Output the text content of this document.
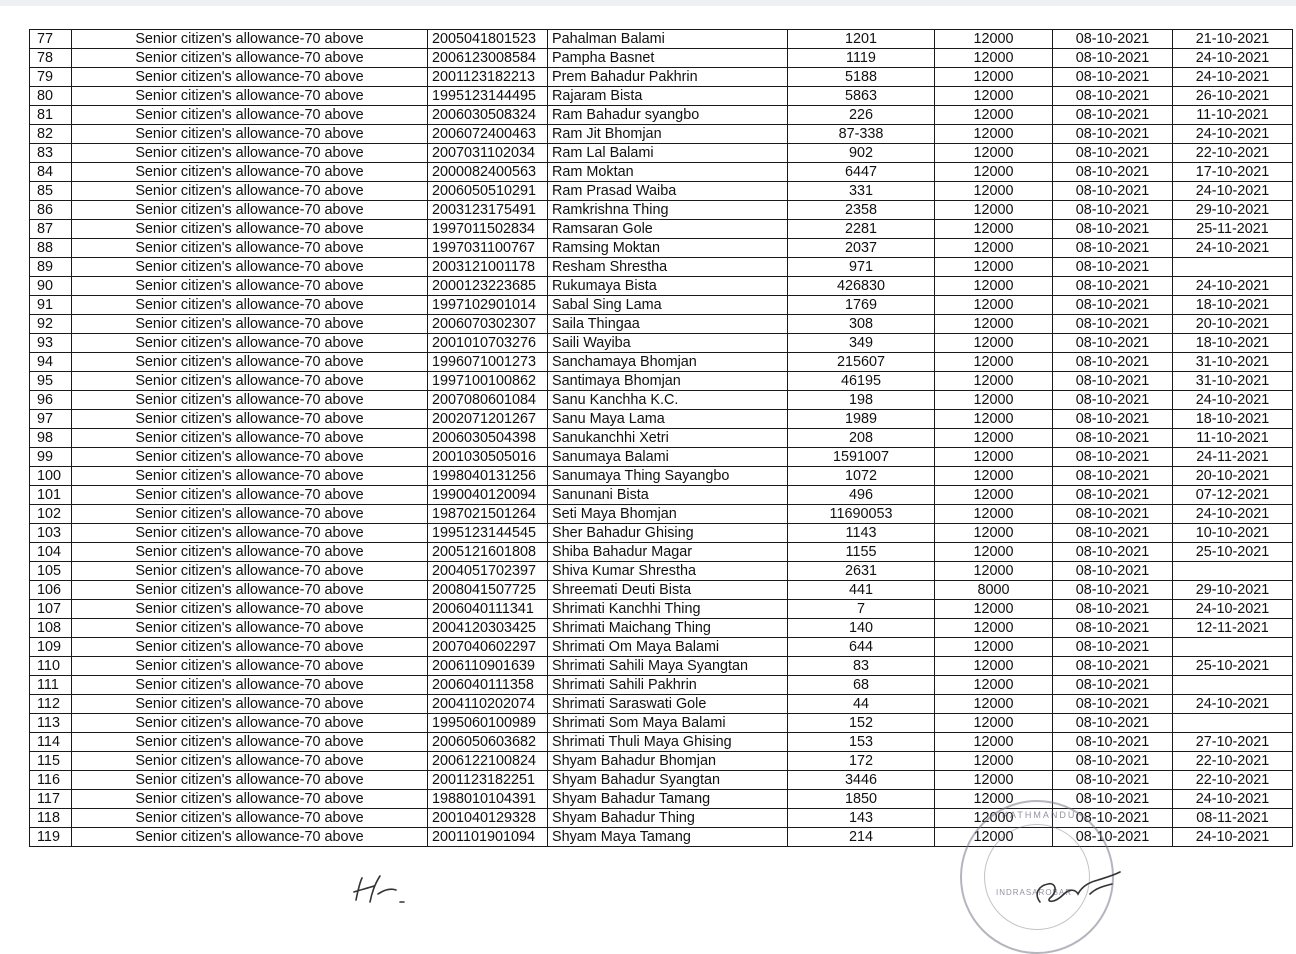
77	Senior citizen's allowance-70 above	2005041801523	Pahalman Balami	1201	12000	08-10-2021	21-10-2021
78	Senior citizen's allowance-70 above	2006123008584	Pampha Basnet	1119	12000	08-10-2021	24-10-2021
79	Senior citizen's allowance-70 above	2001123182213	Prem Bahadur Pakhrin	5188	12000	08-10-2021	24-10-2021
80	Senior citizen's allowance-70 above	1995123144495	Rajaram Bista	5863	12000	08-10-2021	26-10-2021
81	Senior citizen's allowance-70 above	2006030508324	Ram Bahadur syangbo	226	12000	08-10-2021	11-10-2021
82	Senior citizen's allowance-70 above	2006072400463	Ram Jit Bhomjan	87-338	12000	08-10-2021	24-10-2021
83	Senior citizen's allowance-70 above	2007031102034	Ram Lal Balami	902	12000	08-10-2021	22-10-2021
84	Senior citizen's allowance-70 above	2000082400563	Ram Moktan	6447	12000	08-10-2021	17-10-2021
85	Senior citizen's allowance-70 above	2006050510291	Ram Prasad Waiba	331	12000	08-10-2021	24-10-2021
86	Senior citizen's allowance-70 above	2003123175491	Ramkrishna Thing	2358	12000	08-10-2021	29-10-2021
87	Senior citizen's allowance-70 above	1997011502834	Ramsaran Gole	2281	12000	08-10-2021	25-11-2021
88	Senior citizen's allowance-70 above	1997031100767	Ramsing Moktan	2037	12000	08-10-2021	24-10-2021
89	Senior citizen's allowance-70 above	2003121001178	Resham Shrestha	971	12000	08-10-2021	
90	Senior citizen's allowance-70 above	2000123223685	Rukumaya Bista	426830	12000	08-10-2021	24-10-2021
91	Senior citizen's allowance-70 above	1997102901014	Sabal Sing Lama	1769	12000	08-10-2021	18-10-2021
92	Senior citizen's allowance-70 above	2006070302307	Saila Thingaa	308	12000	08-10-2021	20-10-2021
93	Senior citizen's allowance-70 above	2001010703276	Saili Wayiba	349	12000	08-10-2021	18-10-2021
94	Senior citizen's allowance-70 above	1996071001273	Sanchamaya Bhomjan	215607	12000	08-10-2021	31-10-2021
95	Senior citizen's allowance-70 above	1997100100862	Santimaya Bhomjan	46195	12000	08-10-2021	31-10-2021
96	Senior citizen's allowance-70 above	2007080601084	Sanu Kanchha K.C.	198	12000	08-10-2021	24-10-2021
97	Senior citizen's allowance-70 above	2002071201267	Sanu Maya Lama	1989	12000	08-10-2021	18-10-2021
98	Senior citizen's allowance-70 above	2006030504398	Sanukanchhi Xetri	208	12000	08-10-2021	11-10-2021
99	Senior citizen's allowance-70 above	2001030505016	Sanumaya Balami	1591007	12000	08-10-2021	24-11-2021
100	Senior citizen's allowance-70 above	1998040131256	Sanumaya Thing Sayangbo	1072	12000	08-10-2021	20-10-2021
101	Senior citizen's allowance-70 above	1990040120094	Sanunani Bista	496	12000	08-10-2021	07-12-2021
102	Senior citizen's allowance-70 above	1987021501264	Seti Maya Bhomjan	11690053	12000	08-10-2021	24-10-2021
103	Senior citizen's allowance-70 above	1995123144545	Sher Bahadur Ghising	1143	12000	08-10-2021	10-10-2021
104	Senior citizen's allowance-70 above	2005121601808	Shiba Bahadur Magar	1155	12000	08-10-2021	25-10-2021
105	Senior citizen's allowance-70 above	2004051702397	Shiva Kumar Shrestha	2631	12000	08-10-2021	
106	Senior citizen's allowance-70 above	2008041507725	Shreemati Deuti Bista	441	8000	08-10-2021	29-10-2021
107	Senior citizen's allowance-70 above	2006040111341	Shrimati Kanchhi Thing	7	12000	08-10-2021	24-10-2021
108	Senior citizen's allowance-70 above	2004120303425	Shrimati Maichang Thing	140	12000	08-10-2021	12-11-2021
109	Senior citizen's allowance-70 above	2007040602297	Shrimati Om Maya Balami	644	12000	08-10-2021	
110	Senior citizen's allowance-70 above	2006110901639	Shrimati Sahili Maya Syangtan	83	12000	08-10-2021	25-10-2021
111	Senior citizen's allowance-70 above	2006040111358	Shrimati Sahili Pakhrin	68	12000	08-10-2021	
112	Senior citizen's allowance-70 above	2004110202074	Shrimati Saraswati Gole	44	12000	08-10-2021	24-10-2021
113	Senior citizen's allowance-70 above	1995060100989	Shrimati Som Maya Balami	152	12000	08-10-2021	
114	Senior citizen's allowance-70 above	2006050603682	Shrimati Thuli Maya Ghising	153	12000	08-10-2021	27-10-2021
115	Senior citizen's allowance-70 above	2006122100824	Shyam Bahadur Bhomjan	172	12000	08-10-2021	22-10-2021
116	Senior citizen's allowance-70 above	2001123182251	Shyam Bahadur Syangtan	3446	12000	08-10-2021	22-10-2021
117	Senior citizen's allowance-70 above	1988010104391	Shyam Bahadur Tamang	1850	12000	08-10-2021	24-10-2021
118	Senior citizen's allowance-70 above	2001040129328	Shyam Bahadur Thing	143	12000	08-10-2021	08-11-2021
119	Senior citizen's allowance-70 above	2001101901094	Shyam Maya Tamang	214	12000	08-10-2021	24-10-2021
KATHMANDU
INDRASAROBAR
